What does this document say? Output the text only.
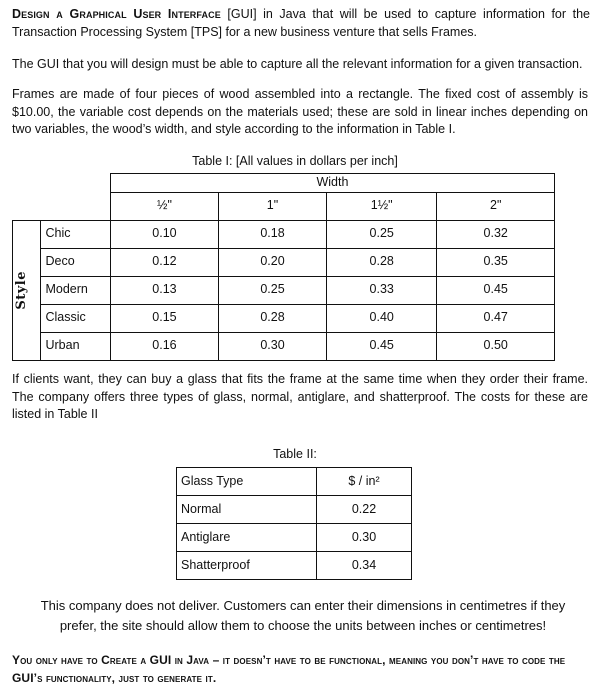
Design a Graphical User Interface [GUI] in Java that will be used to capture information for the Transaction Processing System [TPS] for a new business venture that sells Frames.

The GUI that you will design must be able to capture all the relevant information for a given transaction.

Frames are made of four pieces of wood assembled into a rectangle. The fixed cost of assembly is $10.00, the variable cost depends on the materials used; these are sold in linear inches depending on two variables, the wood’s width, and style according to the information in Table I.

Table I: [All values in dollars per inch]
		Width			
		½"	1"	1½"	2"

Style	Chic	0.10	0.18	0.25	0.32
	Deco	0.12	0.20	0.28	0.35
	Modern	0.13	0.25	0.33	0.45
	Classic	0.15	0.28	0.40	0.47
	Urban	0.16	0.30	0.45	0.50

If clients want, they can buy a glass that fits the frame at the same time when they order their frame. The company offers three types of glass, normal, antiglare, and shatterproof. The costs for these are listed in Table II

Table II:
Glass Type	$ / in²
Normal	0.22
Antiglare	0.30
Shatterproof	0.34

This company does not deliver. Customers can enter their dimensions in centimetres if they prefer, the site should allow them to choose the units between inches or centimetres!

You only have to Create a GUI in Java – it doesn’t have to be functional, meaning you don’t have to code the GUI’s functionality, just to generate it.
